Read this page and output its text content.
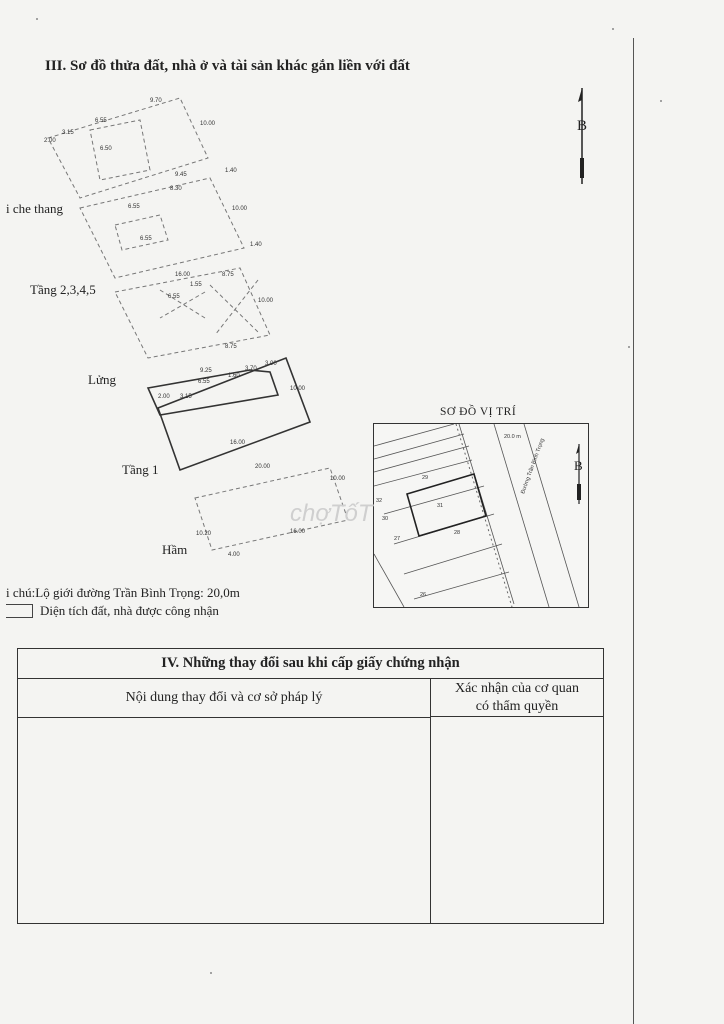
III. Sơ đồ thửa đất, nhà ở và tài sản khác gắn liền với đất
B
9.70
6.55	10.00
6.50
3.15
2.00
9.45
1.40
8.30
6.55	10.00
6.55
1.40
16.00	8.75
6.55
1.55
10.00
8.75
9.25
6.55
1.60
3.70
3.00
2.00 3.15
10.00
16.00
20.00
10.00
16.00
4.00
10.20
i che thang
Tầng 2,3,4,5
Lửng
Tầng 1
Hầm
SƠ ĐỒ VỊ TRÍ
20.0 m
Đường Trần Bình Trọng
32
31
30
27
28
29
26
B
chợTốT
i chú:Lộ giới đường Trần Bình Trọng: 20,0m
Diện tích đất, nhà được công nhận
IV. Những thay đổi sau khi cấp giấy chứng nhận
Nội dung thay đổi và cơ sở pháp lý
Xác nhận của cơ quan
có thẩm quyền
